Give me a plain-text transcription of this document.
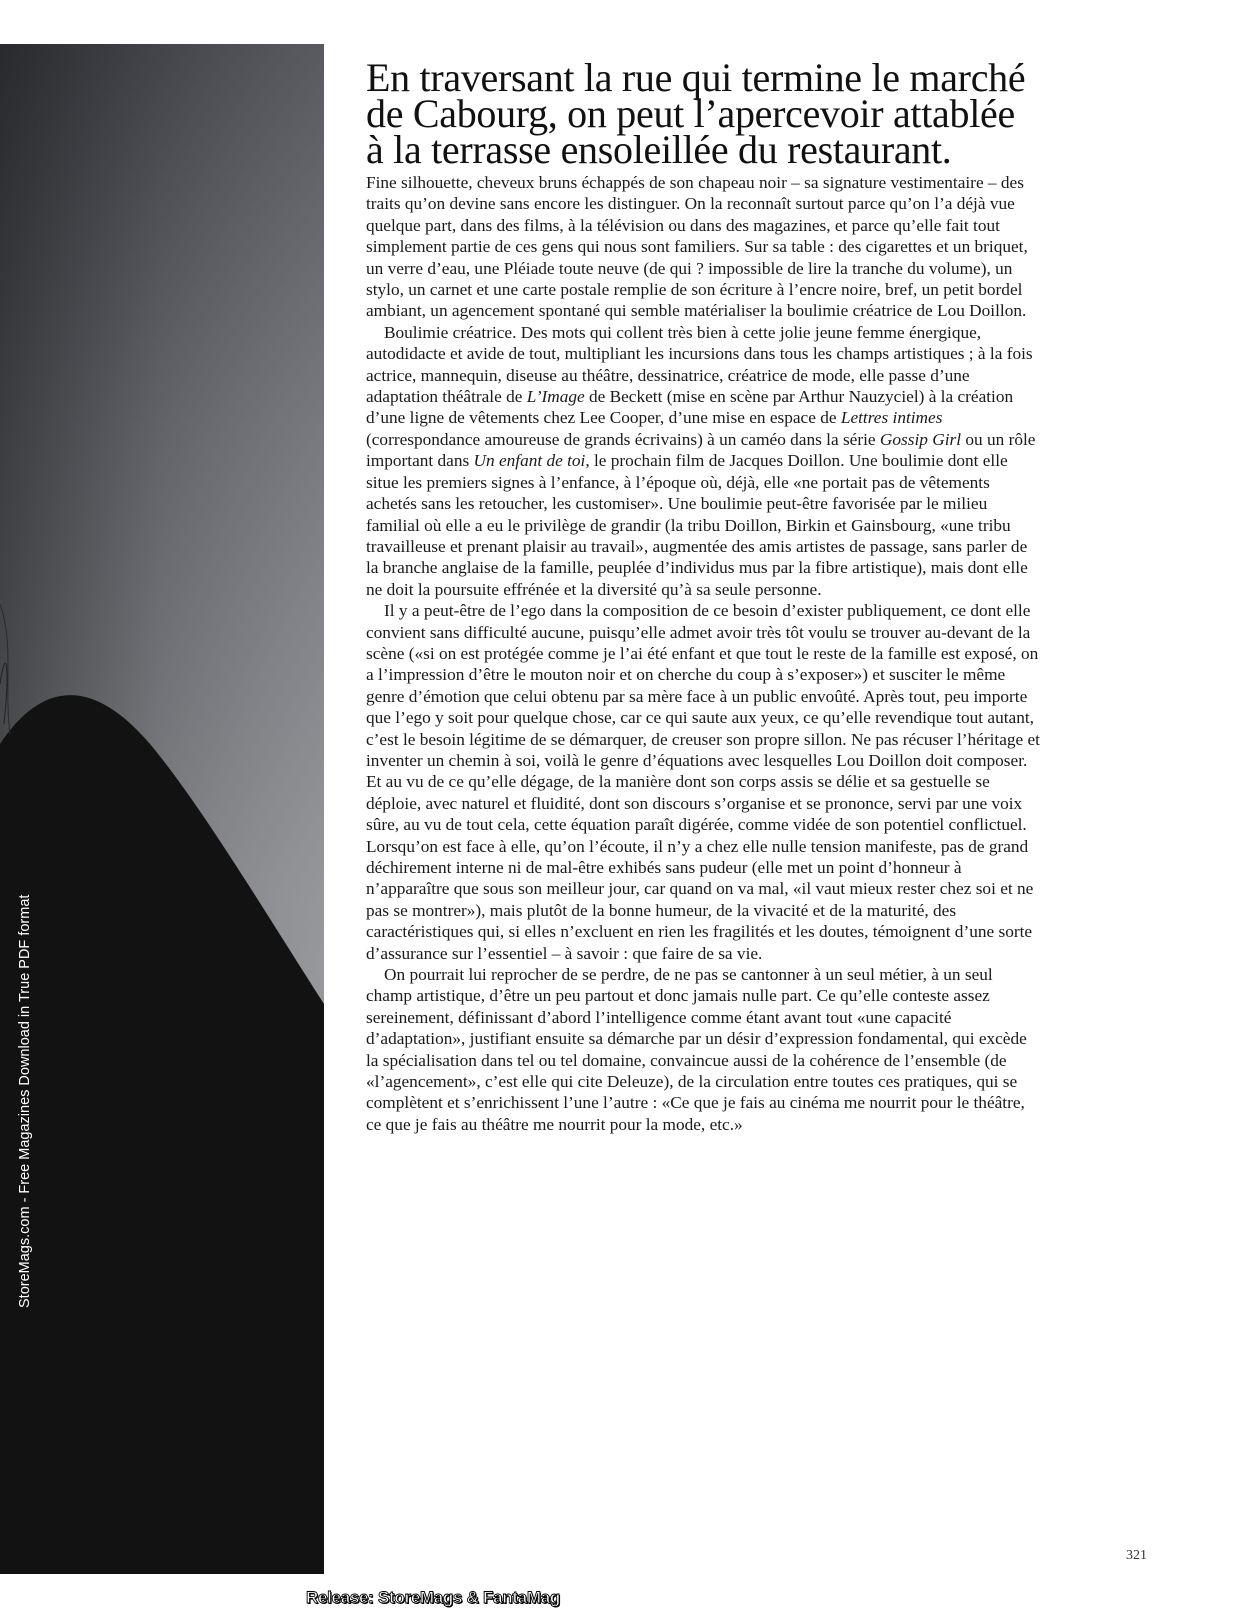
StoreMags.com - Free Magazines Download in True PDF format
En traversant la rue qui termine le marché de Cabourg, on peut l’apercevoir attablée à la terrasse ensoleillée du restaurant.

Fine silhouette, cheveux bruns échappés de son chapeau noir – sa signature vestimentaire – des traits qu’on devine sans encore les distinguer. On la reconnaît surtout parce qu’on l’a déjà vue quelque part, dans des films, à la télévision ou dans des magazines, et parce qu’elle fait tout simplement partie de ces gens qui nous sont familiers. Sur sa table : des cigarettes et un briquet, un verre d’eau, une Pléiade toute neuve (de qui ? impossible de lire la tranche du volume), un stylo, un carnet et une carte postale remplie de son écriture à l’encre noire, bref, un petit bordel ambiant, un agencement spontané qui semble matérialiser la boulimie créatrice de Lou Doillon.

Boulimie créatrice. Des mots qui collent très bien à cette jolie jeune femme énergique, autodidacte et avide de tout, multipliant les incursions dans tous les champs artistiques ; à la fois actrice, mannequin, diseuse au théâtre, dessinatrice, créatrice de mode, elle passe d’une adaptation théâtrale de L’Image de Beckett (mise en scène par Arthur Nauzyciel) à la création d’une ligne de vêtements chez Lee Cooper, d’une mise en espace de Lettres intimes (correspondance amoureuse de grands écrivains) à un caméo dans la série Gossip Girl ou un rôle important dans Un enfant de toi, le prochain film de Jacques Doillon. Une boulimie dont elle situe les premiers signes à l’enfance, à l’époque où, déjà, elle «ne portait pas de vêtements achetés sans les retoucher, les customiser». Une boulimie peut-être favorisée par le milieu familial où elle a eu le privilège de grandir (la tribu Doillon, Birkin et Gainsbourg, «une tribu travailleuse et prenant plaisir au travail», augmentée des amis artistes de passage, sans parler de la branche anglaise de la famille, peuplée d’individus mus par la fibre artistique), mais dont elle ne doit la poursuite effrénée et la diversité qu’à sa seule personne.

Il y a peut-être de l’ego dans la composition de ce besoin d’exister publiquement, ce dont elle convient sans difficulté aucune, puisqu’elle admet avoir très tôt voulu se trouver au-devant de la scène («si on est protégée comme je l’ai été enfant et que tout le reste de la famille est exposé, on a l’impression d’être le mouton noir et on cherche du coup à s’exposer») et susciter le même genre d’émotion que celui obtenu par sa mère face à un public envoûté. Après tout, peu importe que l’ego y soit pour quelque chose, car ce qui saute aux yeux, ce qu’elle revendique tout autant, c’est le besoin légitime de se démarquer, de creuser son propre sillon. Ne pas récuser l’héritage et inventer un chemin à soi, voilà le genre d’équations avec lesquelles Lou Doillon doit composer. Et au vu de ce qu’elle dégage, de la manière dont son corps assis se délie et sa gestuelle se déploie, avec naturel et fluidité, dont son discours s’organise et se prononce, servi par une voix sûre, au vu de tout cela, cette équation paraît digérée, comme vidée de son potentiel conflictuel. Lorsqu’on est face à elle, qu’on l’écoute, il n’y a chez elle nulle tension manifeste, pas de grand déchirement interne ni de mal-être exhibés sans pudeur (elle met un point d’honneur à n’apparaître que sous son meilleur jour, car quand on va mal, «il vaut mieux rester chez soi et ne pas se montrer»), mais plutôt de la bonne humeur, de la vivacité et de la maturité, des caractéristiques qui, si elles n’excluent en rien les fragilités et les doutes, témoignent d’une sorte d’assurance sur l’essentiel – à savoir : que faire de sa vie.

On pourrait lui reprocher de se perdre, de ne pas se cantonner à un seul métier, à un seul champ artistique, d’être un peu partout et donc jamais nulle part. Ce qu’elle conteste assez sereinement, définissant d’abord l’intelligence comme étant avant tout «une capacité d’adaptation», justifiant ensuite sa démarche par un désir d’expression fondamental, qui excède la spécialisation dans tel ou tel domaine, convaincue aussi de la cohérence de l’ensemble (de «l’agencement», c’est elle qui cite Deleuze), de la circulation entre toutes ces pratiques, qui se complètent et s’enrichissent l’une l’autre : «Ce que je fais au cinéma me nourrit pour le théâtre, ce que je fais au théâtre me nourrit pour la mode, etc.»

321
Release: StoreMags & FantaMag
